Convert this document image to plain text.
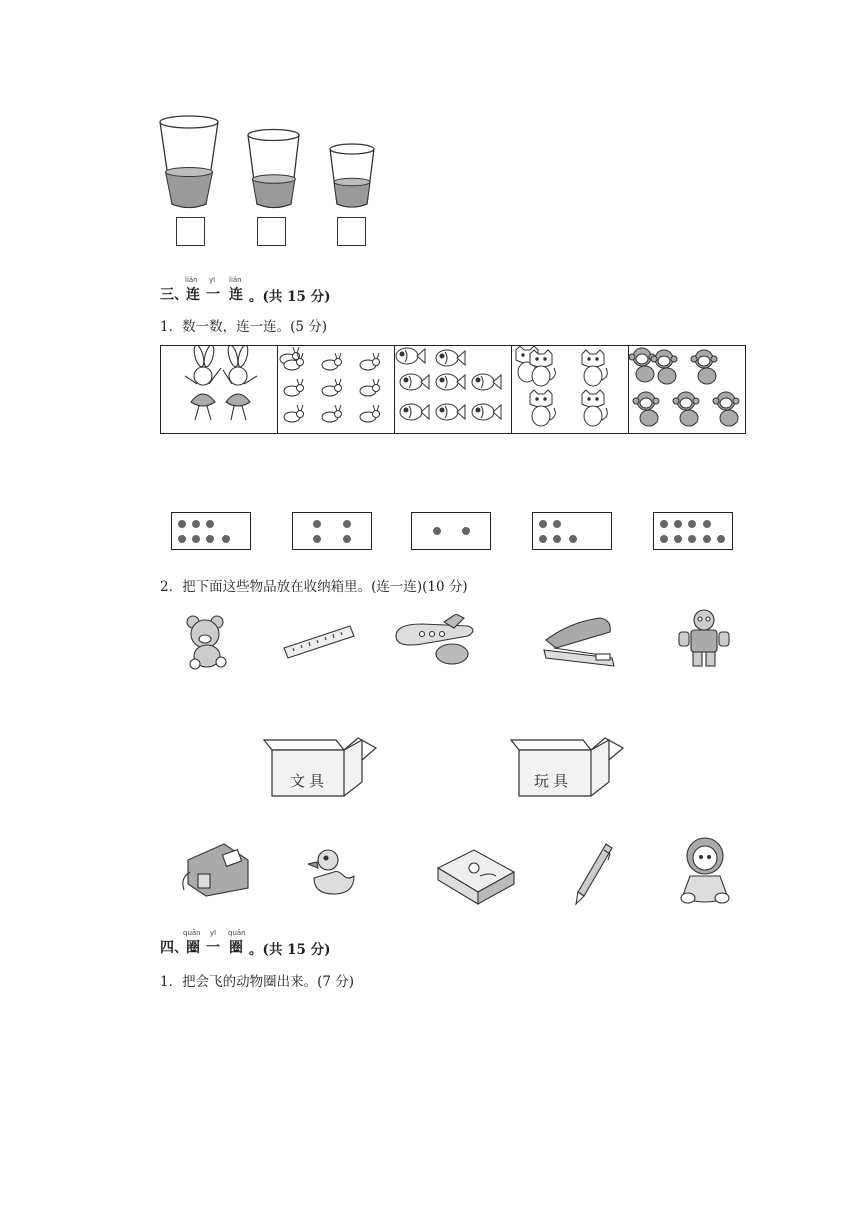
三、
lián
连
yī
一
lián
连 。(共 15 分)
1．数一数，连一连。(5 分)
2．把下面这些物品放在收纳箱里。(连一连)(10 分)
文具	玩具
四、
quān
圈
yī
一
quān
圈 。(共 15 分)
1．把会飞的动物圈出来。(7 分)
